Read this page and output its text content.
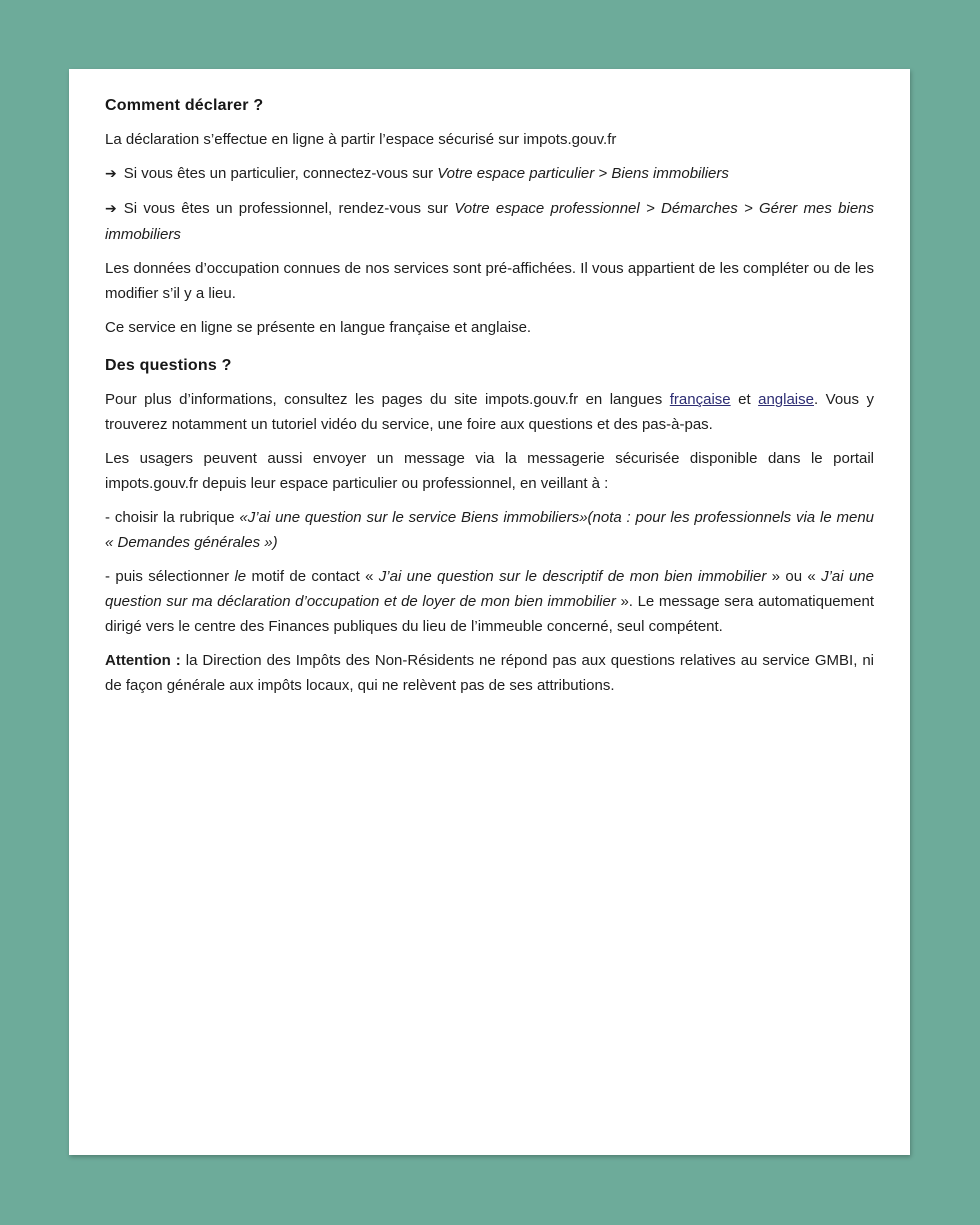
Comment déclarer ?

La déclaration s’effectue en ligne à partir l’espace sécurisé sur impots.gouv.fr

➔ Si vous êtes un particulier, connectez-vous sur Votre espace particulier > Biens immobiliers

➔ Si vous êtes un professionnel, rendez-vous sur Votre espace professionnel > Démarches > Gérer mes biens immobiliers

Les données d’occupation connues de nos services sont pré-affichées. Il vous appartient de les compléter ou de les modifier s’il y a lieu.

Ce service en ligne se présente en langue française et anglaise.

Des questions ?

Pour plus d’informations, consultez les pages du site impots.gouv.fr en langues française et anglaise. Vous y trouverez notamment un tutoriel vidéo du service, une foire aux questions et des pas-à-pas.

Les usagers peuvent aussi envoyer un message via la messagerie sécurisée disponible dans le portail impots.gouv.fr depuis leur espace particulier ou professionnel, en veillant à :

- choisir la rubrique «J’ai une question sur le service Biens immobiliers»(nota : pour les professionnels via le menu « Demandes générales »)

- puis sélectionner le motif de contact « J’ai une question sur le descriptif de mon bien immobilier » ou « J’ai une question sur ma déclaration d’occupation et de loyer de mon bien immobilier ». Le message sera automatiquement dirigé vers le centre des Finances publiques du lieu de l’immeuble concerné, seul compétent.

Attention : la Direction des Impôts des Non-Résidents ne répond pas aux questions relatives au service GMBI, ni de façon générale aux impôts locaux, qui ne relèvent pas de ses attributions.
